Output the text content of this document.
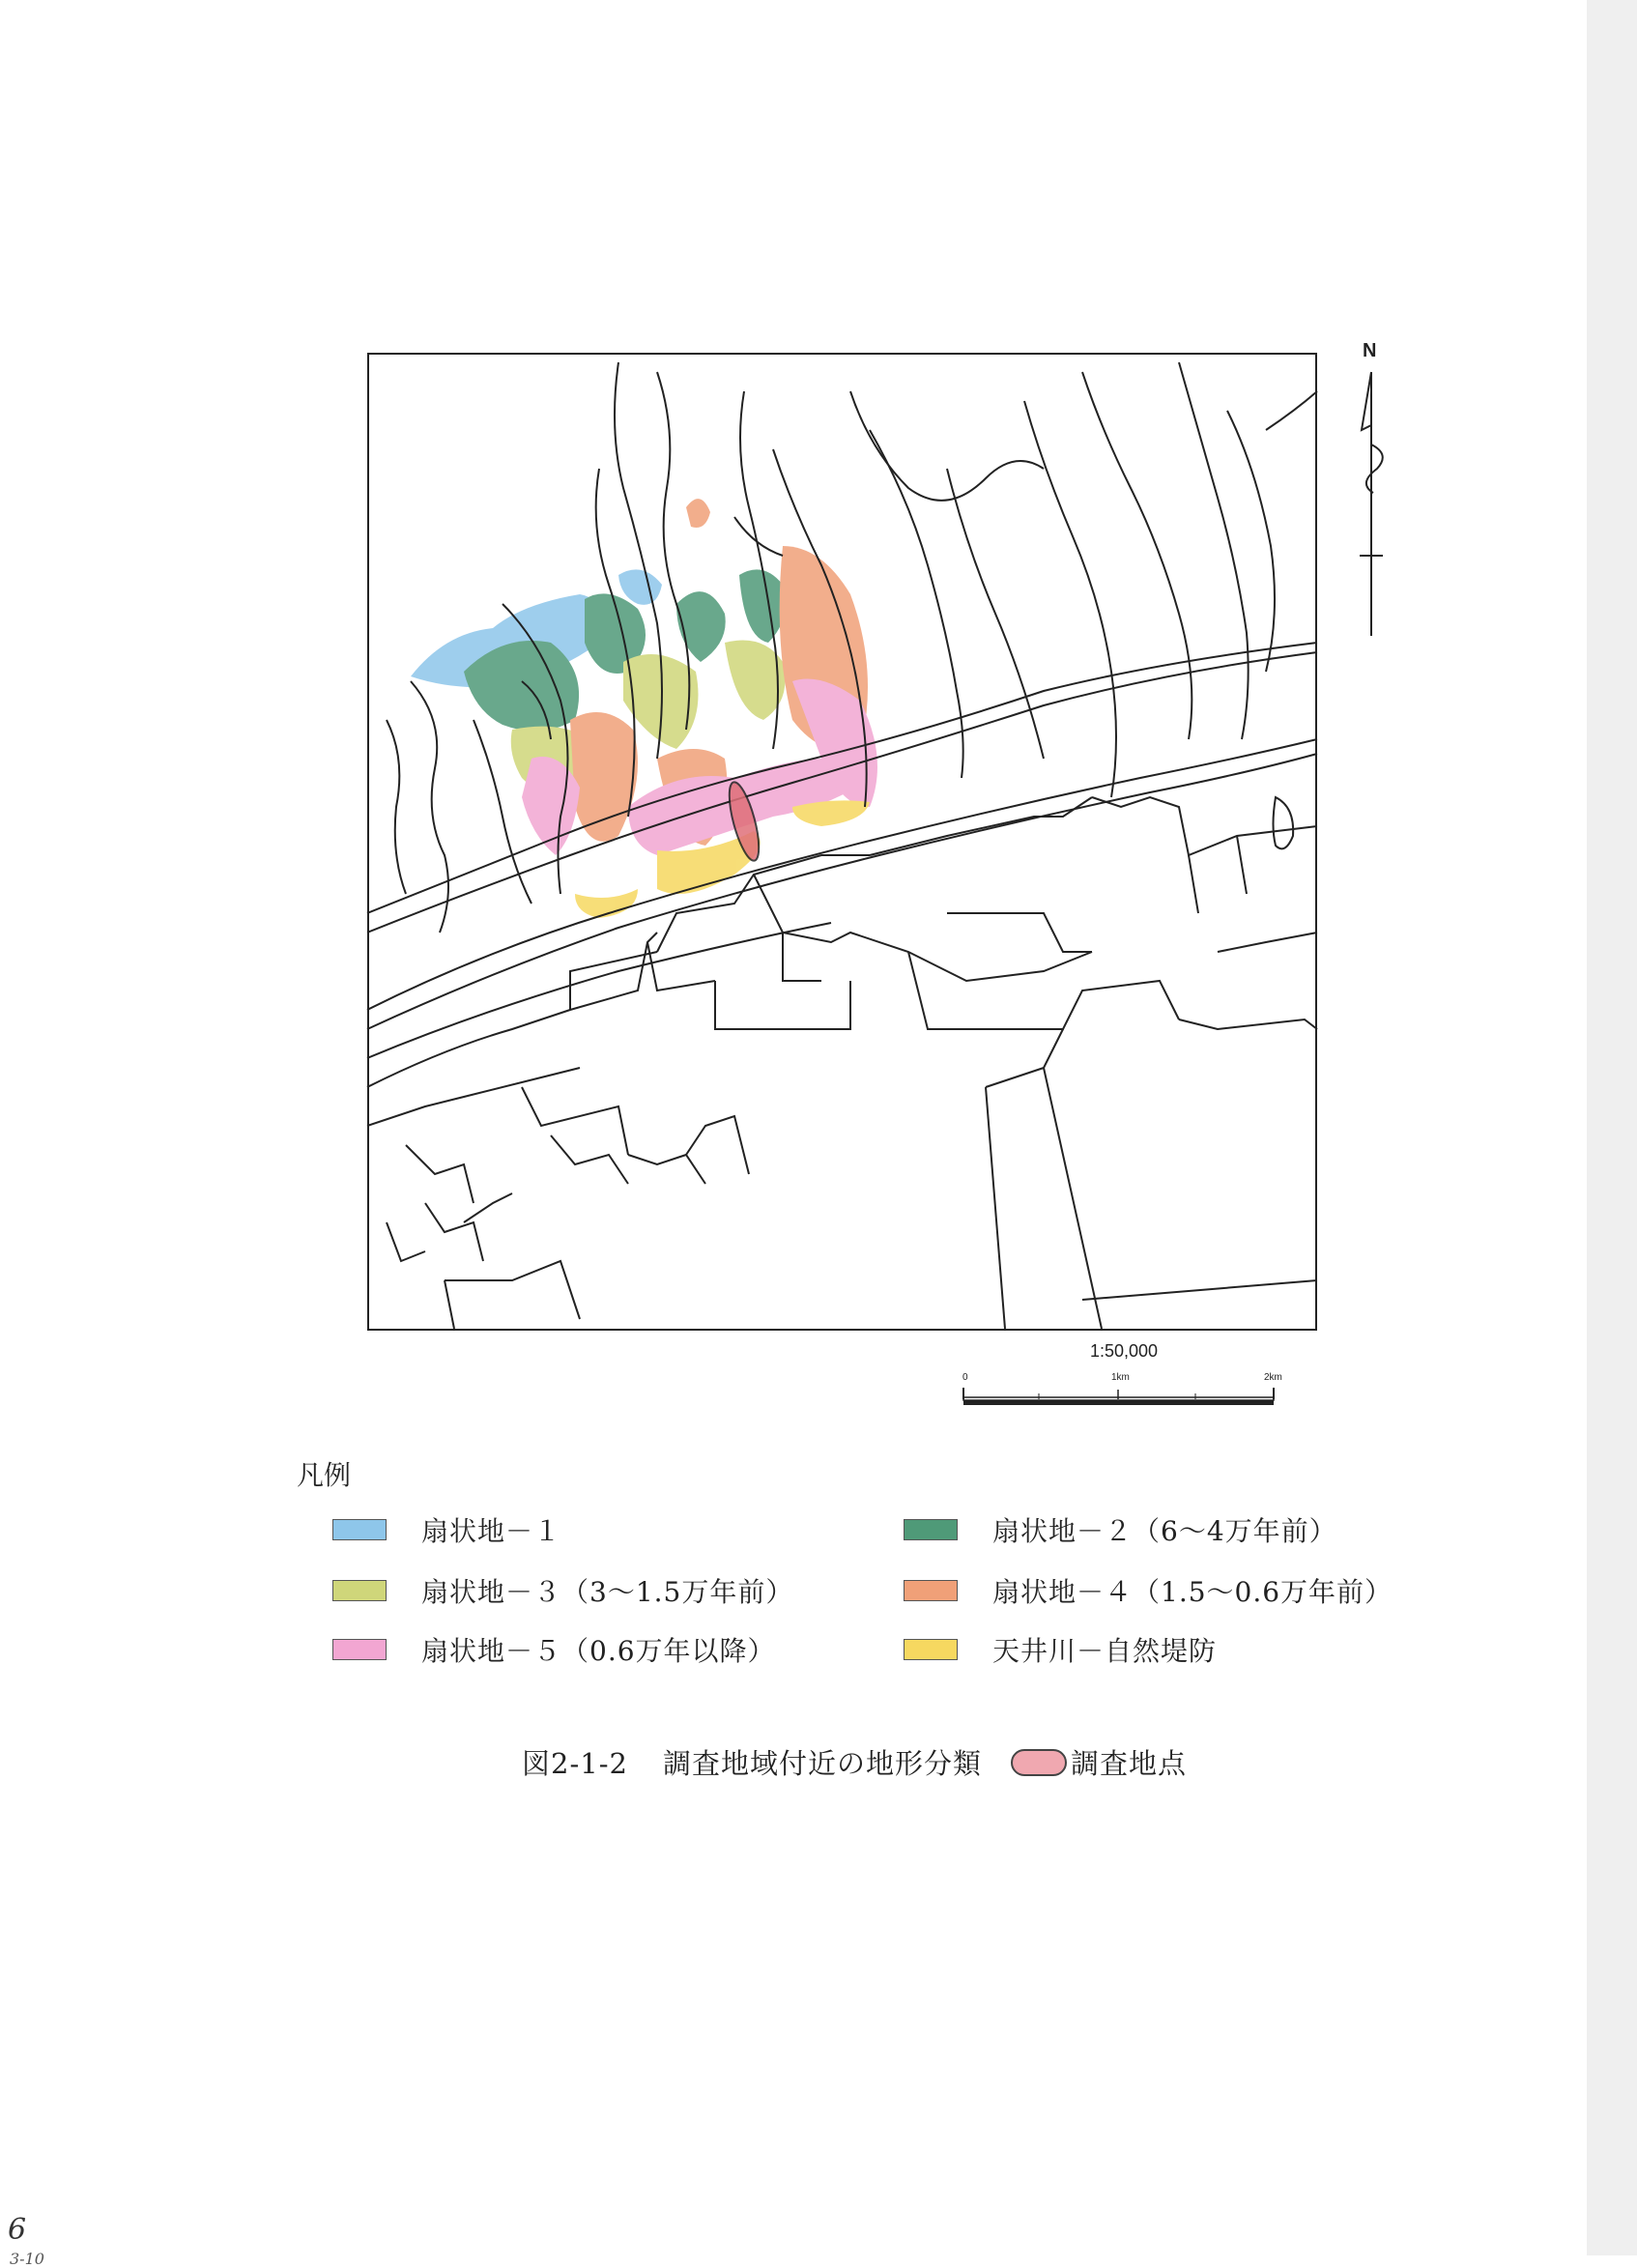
N
1:50,000
0	1km	2km
凡例
扇状地－１	扇状地－２（6～4万年前）
扇状地－３（3～1.5万年前）	扇状地－４（1.5～0.6万年前）
扇状地－５（0.6万年以降）	天井川－自然堤防
図2-1-2 調査地域付近の地形分類	調査地点
6
3-10
